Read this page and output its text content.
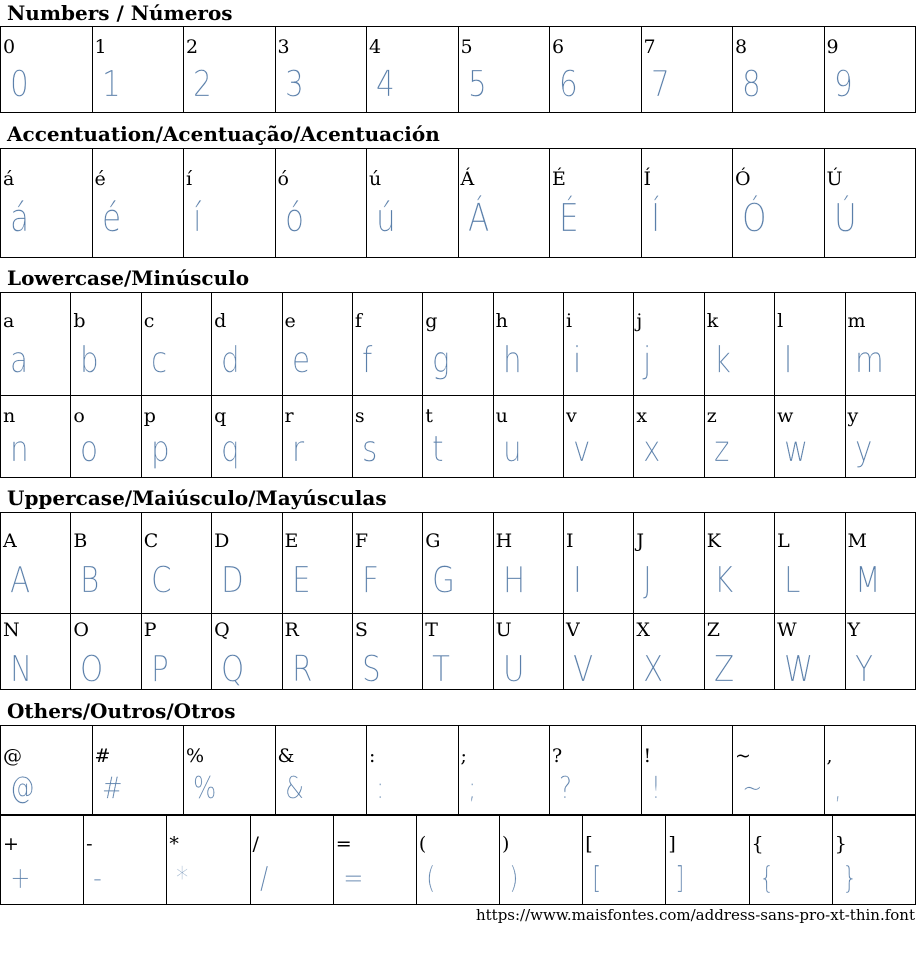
Numbers / Números
Accentuation/Acentuação/Acentuación
Lowercase/Minúsculo
Uppercase/Maiúsculo/Mayúsculas
Others/Outros/Otros
0
0
1
1
2
2
3
3
4
4
5
5
6
6
7
7
8
8
9
9
á
á
é
é
í
í
ó
ó
ú
ú
Á
Á
É
É
Í
Í
Ó
Ó
Ú
Ú
a
a
b
b
c
c
d
d
e
e
f
f
g
g
h
h
i
i
j
j
k
k
l
l
m
m
n
n
o
o
p
p
q
q
r
r
s
s
t
t
u
u
v
v
x
x
z
z
w
w
y
y
A
A
B
B
C
C
D
D
E
E
F
F
G
G
H
H
I
I
J
J
K
K
L
L
M
M
N
N
O
O
P
P
Q
Q
R
R
S
S
T
T
U
U
V
V
X
X
Z
Z
W
W
Y
Y
@
@
#
#
%
%
&
&
:
:
;
;
?
?
!
!
~
~
,
,
+
+
-
-
*
*
/
/
=
=
(
(
)
)
[
[
]
]
{
{
}
}
https://www.maisfontes.com/address-sans-pro-xt-thin.font
